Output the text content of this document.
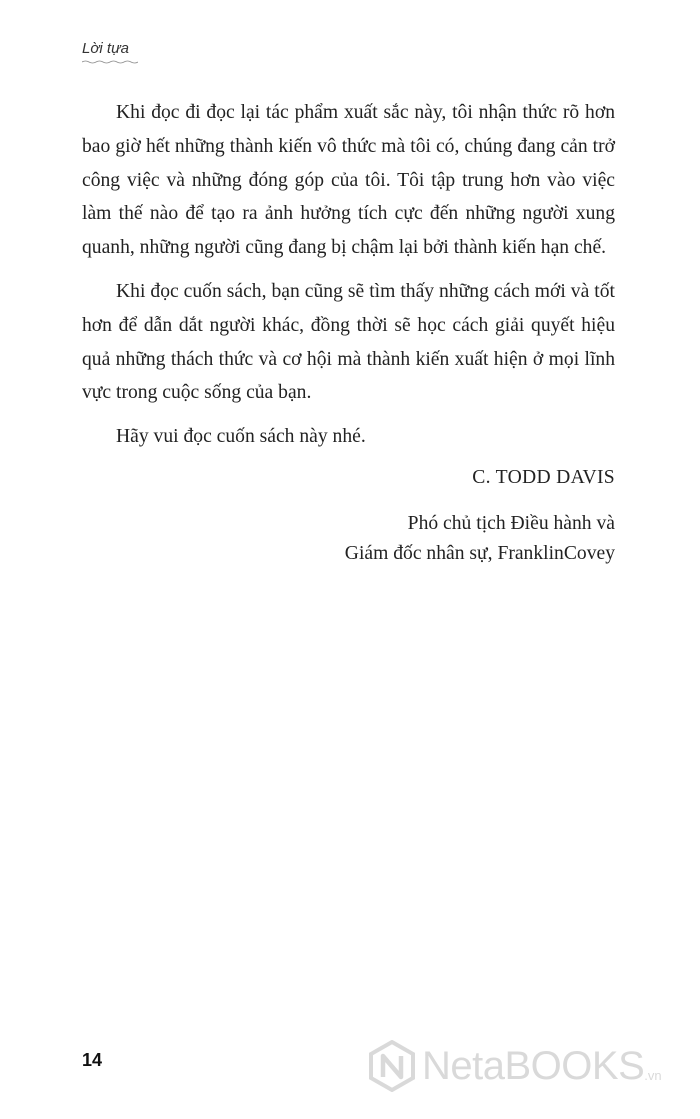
Lời tựa

Khi đọc đi đọc lại tác phẩm xuất sắc này, tôi nhận thức rõ hơn bao giờ hết những thành kiến vô thức mà tôi có, chúng đang cản trở công việc và những đóng góp của tôi. Tôi tập trung hơn vào việc làm thế nào để tạo ra ảnh hưởng tích cực đến những người xung quanh, những người cũng đang bị chậm lại bởi thành kiến hạn chế.

Khi đọc cuốn sách, bạn cũng sẽ tìm thấy những cách mới và tốt hơn để dẫn dắt người khác, đồng thời sẽ học cách giải quyết hiệu quả những thách thức và cơ hội mà thành kiến xuất hiện ở mọi lĩnh vực trong cuộc sống của bạn.

Hãy vui đọc cuốn sách này nhé.

C. TODD DAVIS

Phó chủ tịch Điều hành và

Giám đốc nhân sự, FranklinCovey

14	NetaBOOKS .vn
